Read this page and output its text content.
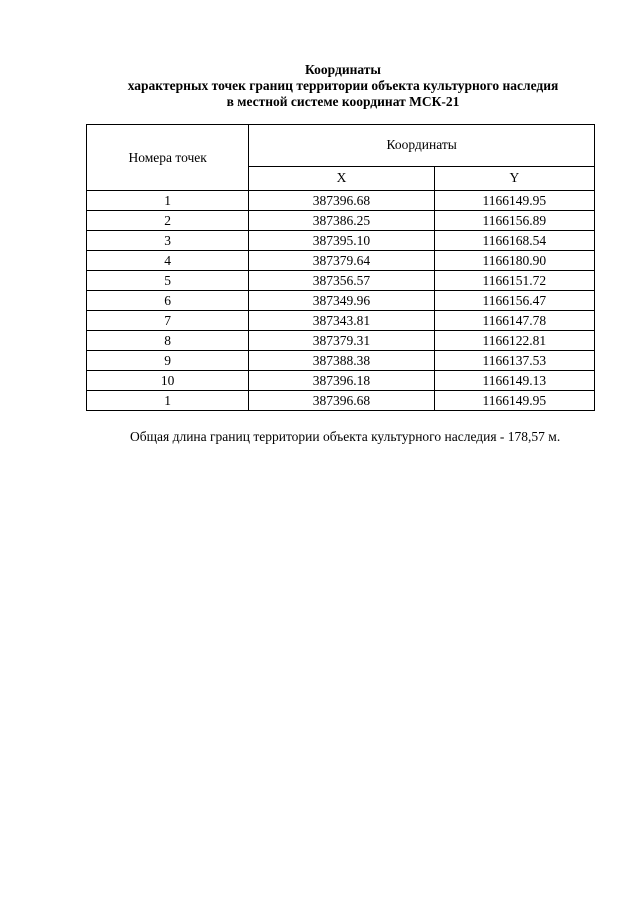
Координаты
характерных точек границ территории объекта культурного наследия
в местной системе координат МСК-21
Номера точек	Координаты	
	X	Y
1	387396.68	1166149.95
2	387386.25	1166156.89
3	387395.10	1166168.54
4	387379.64	1166180.90
5	387356.57	1166151.72
6	387349.96	1166156.47
7	387343.81	1166147.78
8	387379.31	1166122.81
9	387388.38	1166137.53
10	387396.18	1166149.13
1	387396.68	1166149.95
Общая длина границ территории объекта культурного наследия - 178,57 м.
